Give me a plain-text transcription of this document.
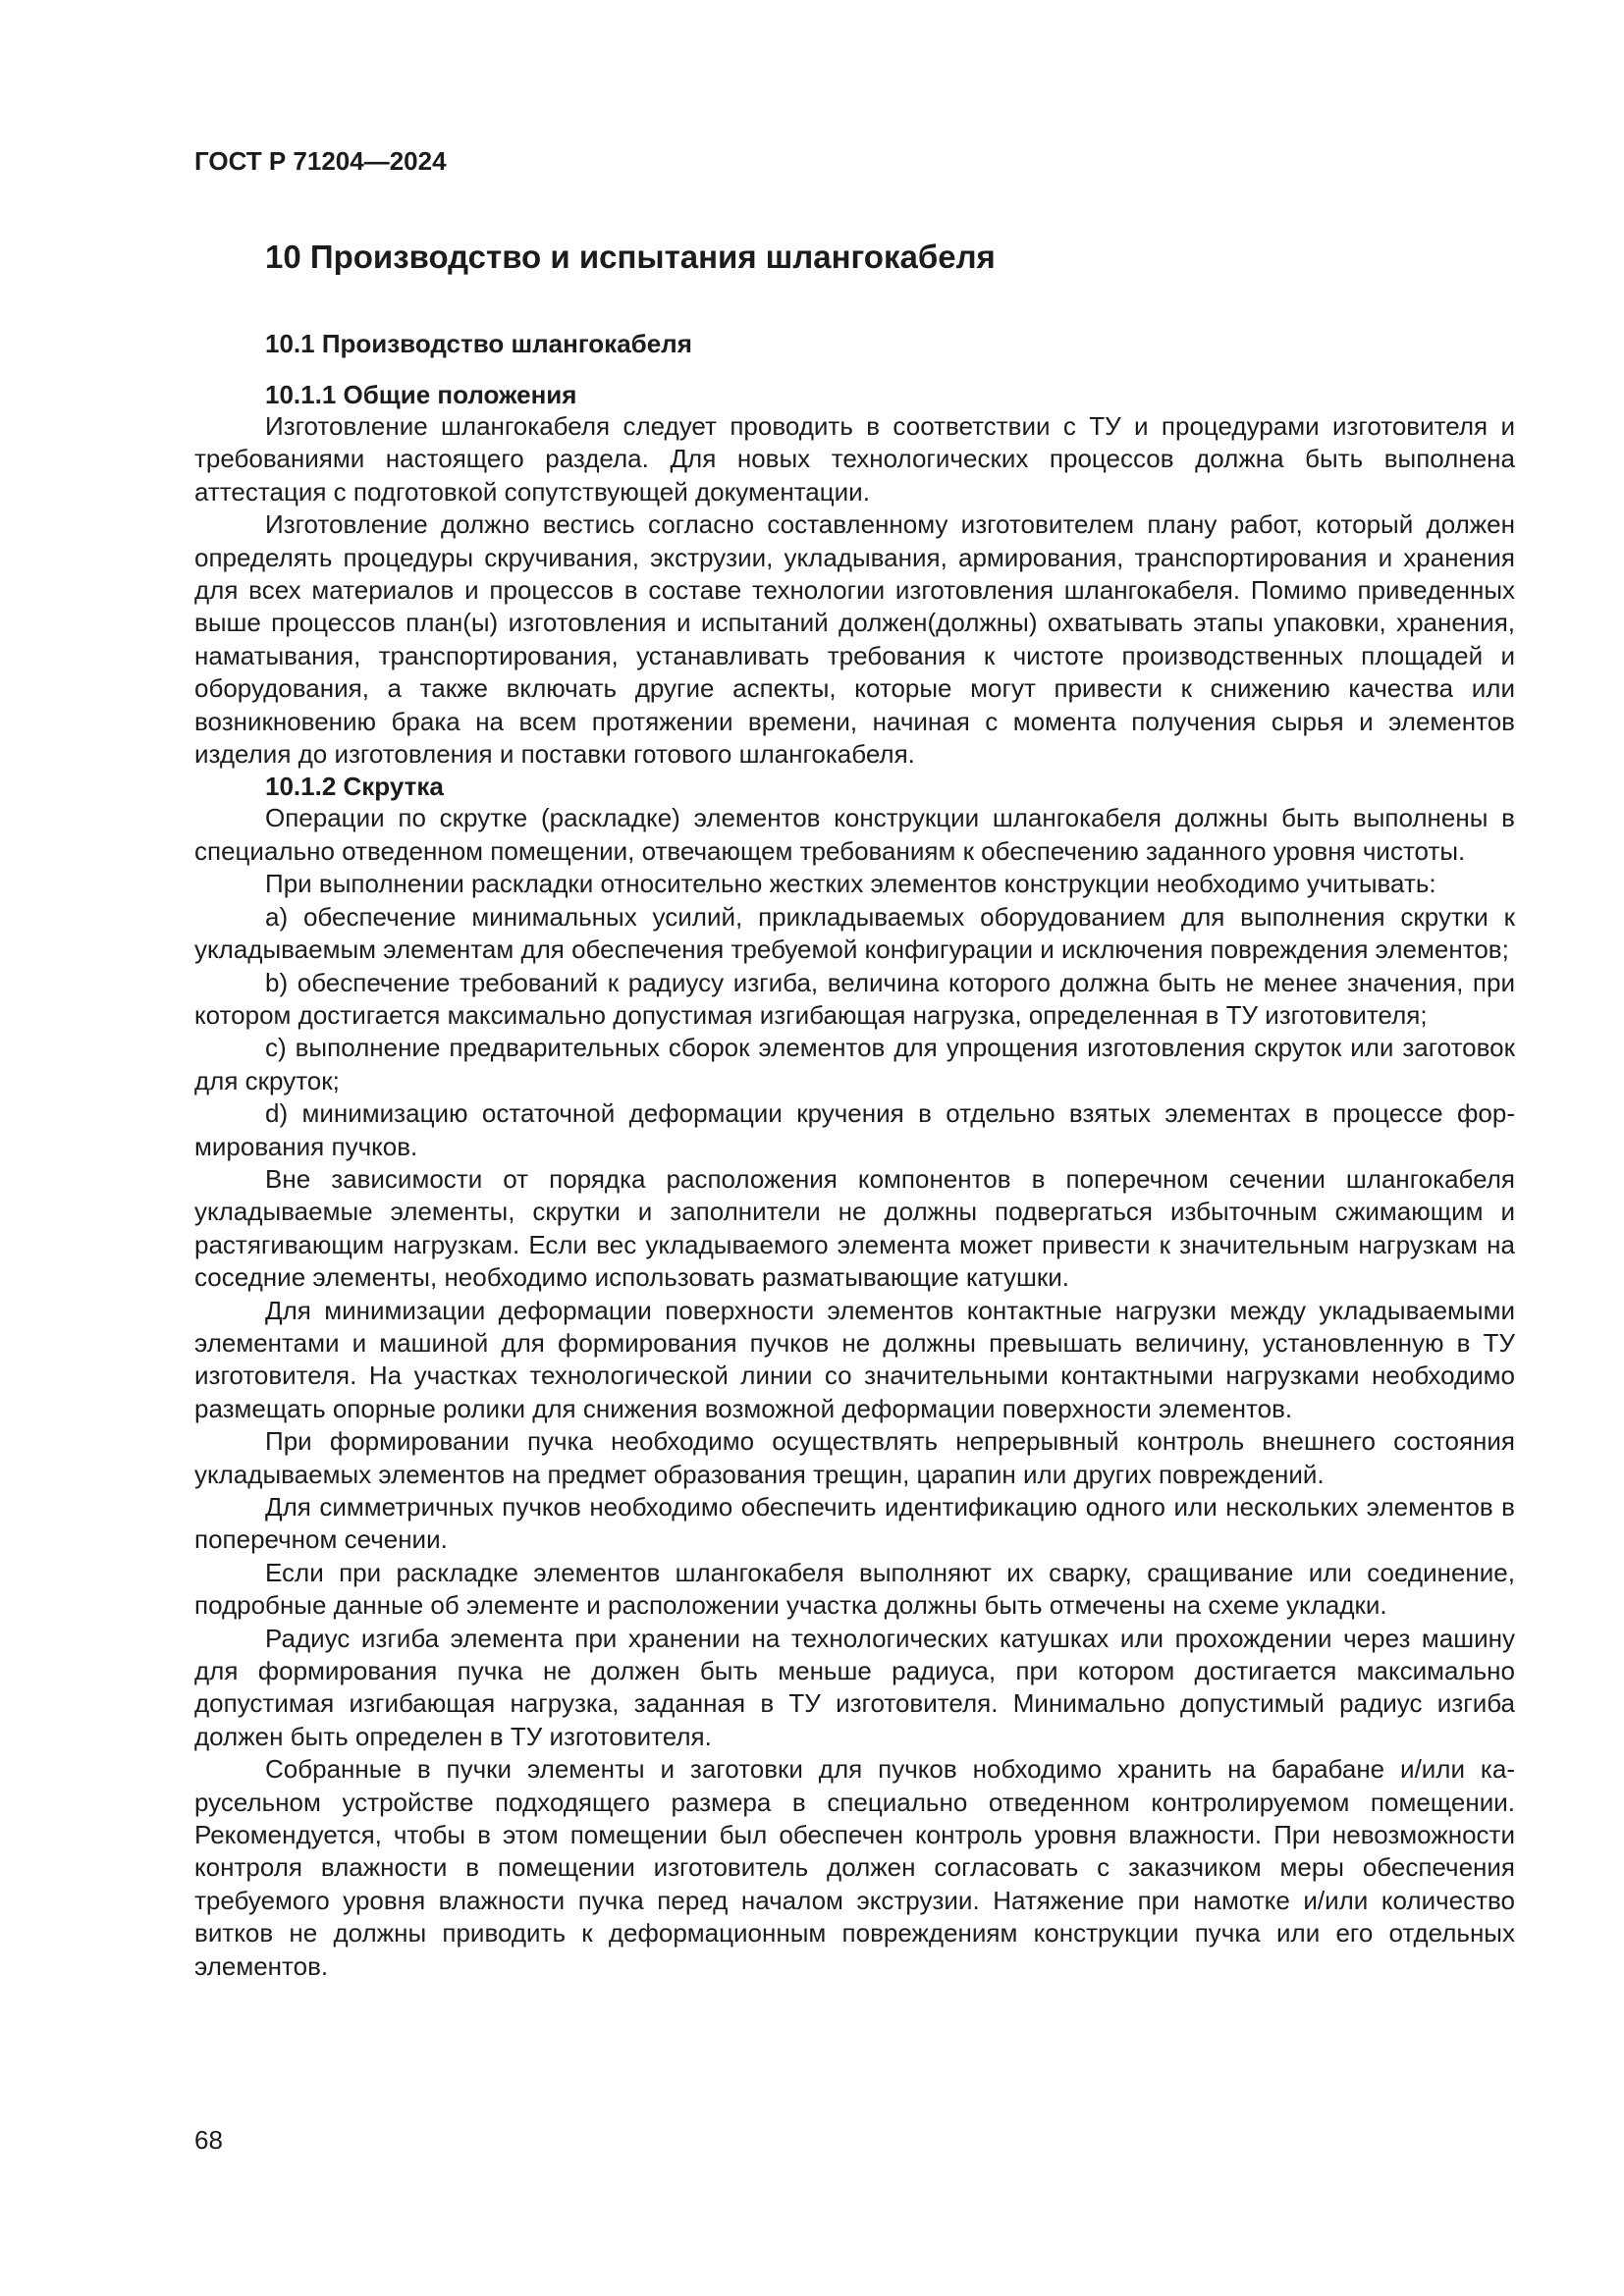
ГОСТ Р 71204—2024

10 Производство и испытания шлангокабеля
10.1 Производство шлангокабеля
10.1.1 Общие положения

Изготовление шлангокабеля следует проводить в соответствии с ТУ и процедурами изготовителя и требованиями настоящего раздела. Для новых технологических процессов должна быть выполнена аттестация с подготовкой сопутствующей документации.

Изготовление должно вестись согласно составленному изготовителем плану работ, который должен определять процедуры скручивания, экструзии, укладывания, армирования, транспортирования и хранения для всех материалов и процессов в составе технологии изготовления шлангокабеля. Помимо приведенных выше процессов план(ы) изготовления и испытаний должен(должны) охватывать этапы упаковки, хранения, наматывания, транспортирования, устанавливать требования к чистоте производственных площадей и оборудования, а также включать другие аспекты, которые могут привести к снижению качества или возникновению брака на всем протяжении времени, начиная с момента получения сырья и элементов изделия до изготовления и поставки готового шлангокабеля.

10.1.2 Скрутка

Операции по скрутке (раскладке) элементов конструкции шлангокабеля должны быть выполнены в специально отведенном помещении, отвечающем требованиям к обеспечению заданного уровня чистоты.

При выполнении раскладки относительно жестких элементов конструкции необходимо учитывать:

a) обеспечение минимальных усилий, прикладываемых оборудованием для выполнения скрутки к укладываемым элементам для обеспечения требуемой конфигурации и исключения повреждения элементов;

b) обеспечение требований к радиусу изгиба, величина которого должна быть не менее значения, при котором достигается максимально допустимая изгибающая нагрузка, определенная в ТУ изготовителя;

c) выполнение предварительных сборок элементов для упрощения изготовления скруток или заготовок для скруток;

d) минимизацию остаточной деформации кручения в отдельно взятых элементах в процессе формирования пучков.

Вне зависимости от порядка расположения компонентов в поперечном сечении шлангокабеля укладываемые элементы, скрутки и заполнители не должны подвергаться избыточным сжимающим и растягивающим нагрузкам. Если вес укладываемого элемента может привести к значительным нагрузкам на соседние элементы, необходимо использовать разматывающие катушки.

Для минимизации деформации поверхности элементов контактные нагрузки между укладываемыми элементами и машиной для формирования пучков не должны превышать величину, установленную в ТУ изготовителя. На участках технологической линии со значительными контактными нагрузками необходимо размещать опорные ролики для снижения возможной деформации поверхности элементов.

При формировании пучка необходимо осуществлять непрерывный контроль внешнего состояния укладываемых элементов на предмет образования трещин, царапин или других повреждений.

Для симметричных пучков необходимо обеспечить идентификацию одного или нескольких элементов в поперечном сечении.

Если при раскладке элементов шлангокабеля выполняют их сварку, сращивание или соединение, подробные данные об элементе и расположении участка должны быть отмечены на схеме укладки.

Радиус изгиба элемента при хранении на технологических катушках или прохождении через машину для формирования пучка не должен быть меньше радиуса, при котором достигается максимально допустимая изгибающая нагрузка, заданная в ТУ изготовителя. Минимально допустимый радиус изгиба должен быть определен в ТУ изготовителя.

Собранные в пучки элементы и заготовки для пучков нобходимо хранить на барабане и/или карусельном устройстве подходящего размера в специально отведенном контролируемом помещении. Рекомендуется, чтобы в этом помещении был обеспечен контроль уровня влажности. При невозможности контроля влажности в помещении изготовитель должен согласовать с заказчиком меры обеспечения требуемого уровня влажности пучка перед началом экструзии. Натяжение при намотке и/или количество витков не должны приводить к деформационным повреждениям конструкции пучка или его отдельных элементов.

68
